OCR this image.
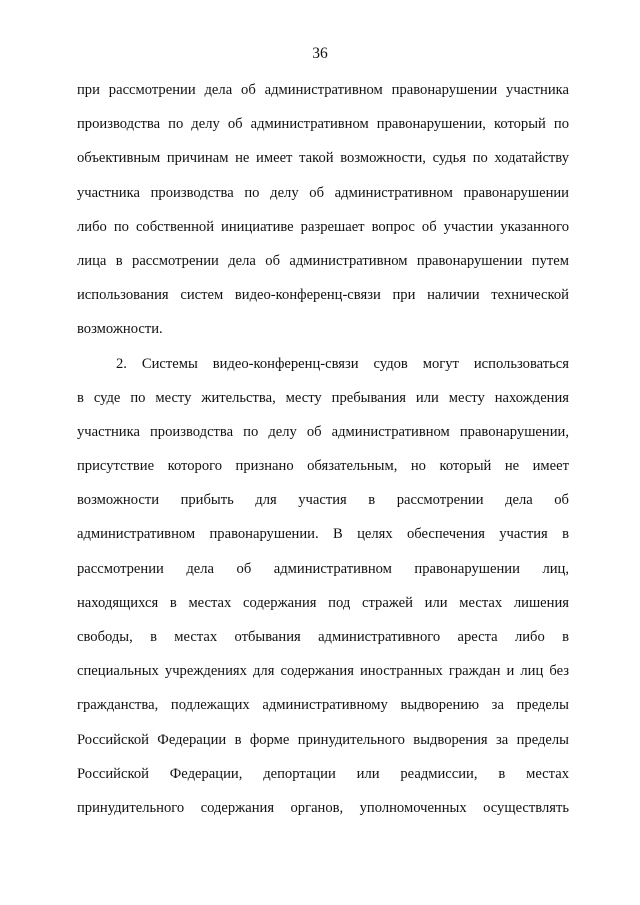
36
при рассмотрении дела об административном правонарушении участника
производства по делу об административном правонарушении, который по
объективным причинам не имеет такой возможности, судья по ходатайству
участника производства по делу об административном правонарушении
либо по собственной инициативе разрешает вопрос об участии указанного
лица в рассмотрении дела об административном правонарушении путем
использования систем видео-конференц-связи при наличии технической
возможности.
2. Системы видео-конференц-связи судов могут использоваться
в суде по месту жительства, месту пребывания или месту нахождения
участника производства по делу об административном правонарушении,
присутствие которого признано обязательным, но который не имеет
возможности прибыть для участия в рассмотрении дела об
административном правонарушении. В целях обеспечения участия в
рассмотрении дела об административном правонарушении лиц,
находящихся в местах содержания под стражей или местах лишения
свободы, в местах отбывания административного ареста либо в
специальных учреждениях для содержания иностранных граждан и лиц без
гражданства, подлежащих административному выдворению за пределы
Российской Федерации в форме принудительного выдворения за пределы
Российской Федерации, депортации или реадмиссии, в местах
принудительного содержания органов, уполномоченных осуществлять
